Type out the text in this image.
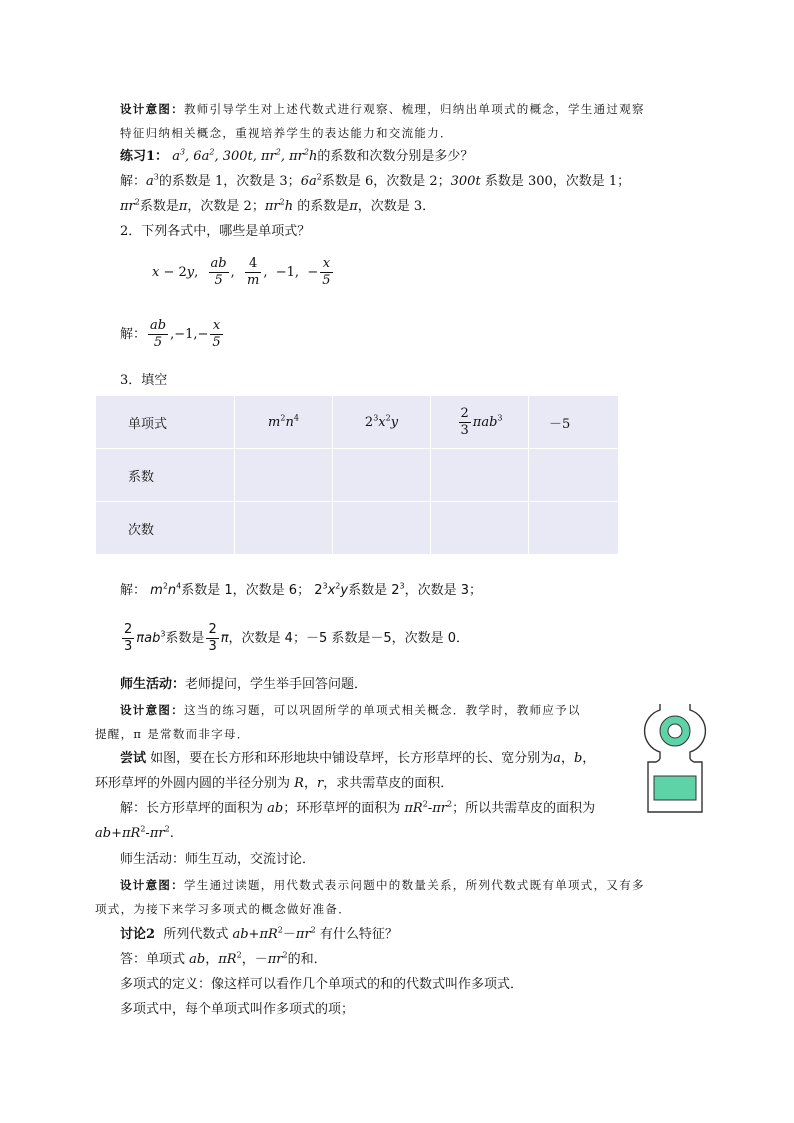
设计意图：教师引导学生对上述代数式进行观察、梳理，归纳出单项式的概念，学生通过观察
特征归纳相关概念，重视培养学生的表达能力和交流能力．
练习1： $a^3$, $6a^2$, 300t, $\pi r^2$, $\pi r^2h$的系数和次数分别是多少？
解：$a^3$的系数是 1，次数是 3；$6a^2$系数是 6，次数是 2；300t 系数是 300，次数是 1；
$\pi r^2$系数是π，次数是 2；$\pi r^2h$ 的系数是π，次数是 3．
2．下列各式中，哪些是单项式？
x − 2y, $\frac{ab}{5}$ , $\frac{4}{m}$ ,  −1,  − $\frac{x}{5}$
解： $\frac{ab}{5} ,-1,- \frac{x}{5}$
3．填空
单项式	$m^2n^4$	$2^3x^2y$	$\frac{2}{3} \pi ab^3$	－5
系数				
次数				
解： $m^2n^4$系数是 1，次数是 6； $2^3x^2y$系数是 $2^3$，次数是 3；
$\frac{2}{3} \pi ab^3$系数是 $\frac{2}{3}$ π，次数是 4；－5 系数是－5，次数是 0．
师生活动：老师提问，学生举手回答问题．
设计意图：这当的练习题，可以巩固所学的单项式相关概念．教学时，教师应予以
提醒，π 是常数而非字母．
尝试 如图，要在长方形和环形地块中铺设草坪，长方形草坪的长、宽分别为a，b，
环形草坪的外圆内圆的半径分别为 R，r，求共需草皮的面积．
解：长方形草坪的面积为 ab；环形草坪的面积为 $\pi R^2-\pi r^2$；所以共需草皮的面积为
$ab+\pi R^2-\pi r^2$.
师生活动：师生互动，交流讨论．
设计意图：学生通过读题，用代数式表示问题中的数量关系，所列代数式既有单项式，又有多
项式，为接下来学习多项式的概念做好准备．
讨论2 所列代数式 $ab+\pi R^2-\pi r^2$ 有什么特征？
答：单项式 ab，$\pi R^2$，$-\pi r^2$的和．
多项式的定义：像这样可以看作几个单项式的和的代数式叫作多项式．
多项式中，每个单项式叫作多项式的项；
